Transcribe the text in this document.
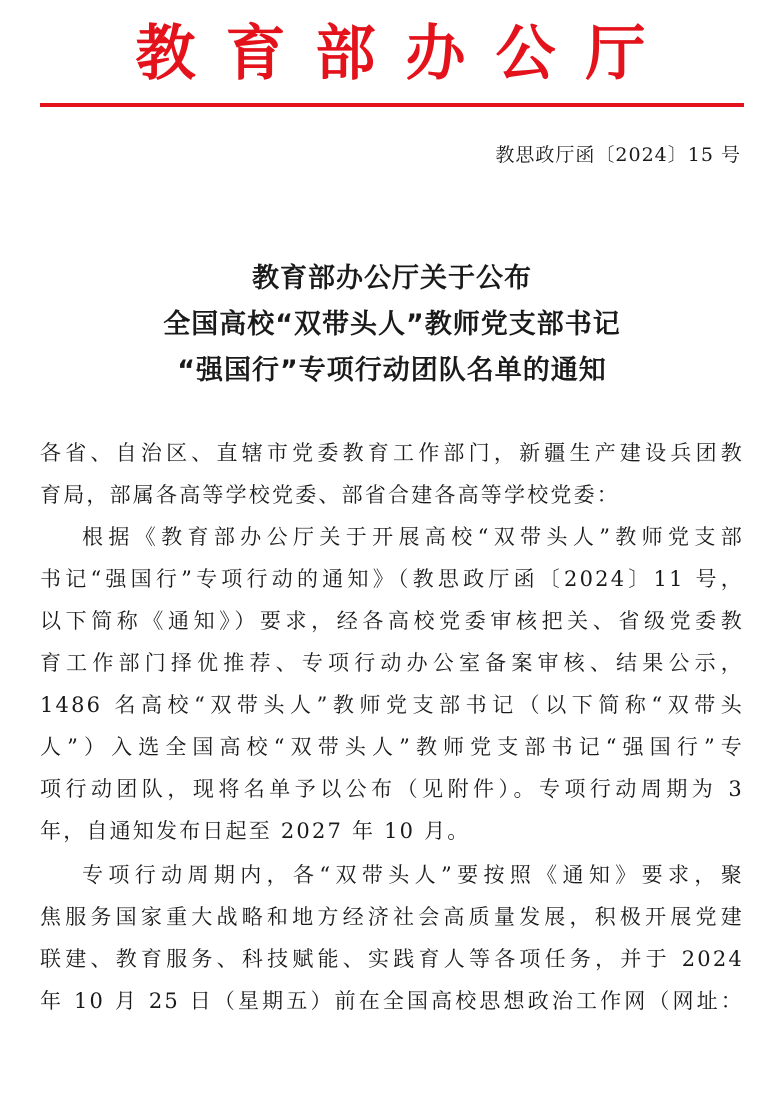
教育部办公厅
教思政厅函〔2024〕15 号
教育部办公厅关于公布
全国高校“双带头人”教师党支部书记
“强国行”专项行动团队名单的通知
各省、自治区、直辖市党委教育工作部门，新疆生产建设兵团教
育局，部属各高等学校党委、部省合建各高等学校党委：
根据《教育部办公厅关于开展高校“双带头人”教师党支部
书记“强国行”专项行动的通知》（教思政厅函〔2024〕11 号，
以下简称《通知》）要求，经各高校党委审核把关、省级党委教
育工作部门择优推荐、专项行动办公室备案审核、结果公示，
1486 名高校“双带头人”教师党支部书记（以下简称“双带头
人”）入选全国高校“双带头人”教师党支部书记“强国行”专
项行动团队，现将名单予以公布（见附件）。专项行动周期为 3
年，自通知发布日起至 2027 年 10 月。
专项行动周期内，各“双带头人”要按照《通知》要求，聚
焦服务国家重大战略和地方经济社会高质量发展，积极开展党建
联建、教育服务、科技赋能、实践育人等各项任务，并于 2024
年 10 月 25 日（星期五）前在全国高校思想政治工作网（网址：
